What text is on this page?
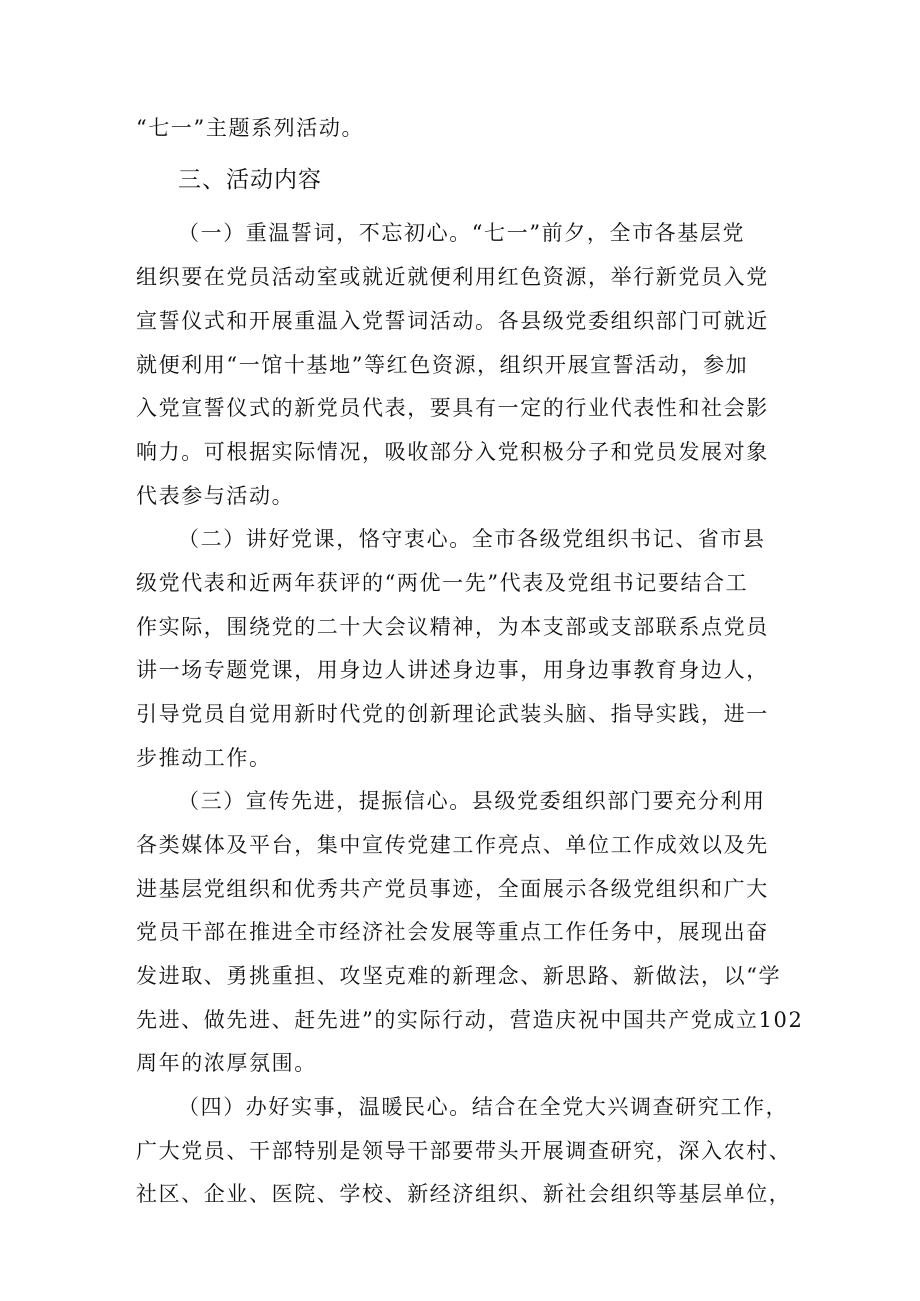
“七一”主题系列活动。
三、活动内容
（一）重温誓词，不忘初心。“七一”前夕，全市各基层党
组织要在党员活动室或就近就便利用红色资源，举行新党员入党
宣誓仪式和开展重温入党誓词活动。各县级党委组织部门可就近
就便利用“一馆十基地”等红色资源，组织开展宣誓活动，参加
入党宣誓仪式的新党员代表，要具有一定的行业代表性和社会影
响力。可根据实际情况，吸收部分入党积极分子和党员发展对象
代表参与活动。
（二）讲好党课，恪守衷心。全市各级党组织书记、省市县
级党代表和近两年获评的“两优一先”代表及党组书记要结合工
作实际，围绕党的二十大会议精神，为本支部或支部联系点党员
讲一场专题党课，用身边人讲述身边事，用身边事教育身边人，
引导党员自觉用新时代党的创新理论武装头脑、指导实践，进一
步推动工作。
（三）宣传先进，提振信心。县级党委组织部门要充分利用
各类媒体及平台，集中宣传党建工作亮点、单位工作成效以及先
进基层党组织和优秀共产党员事迹，全面展示各级党组织和广大
党员干部在推进全市经济社会发展等重点工作任务中，展现出奋
发进取、勇挑重担、攻坚克难的新理念、新思路、新做法，以“学
先进、做先进、赶先进”的实际行动，营造庆祝中国共产党成立102
周年的浓厚氛围。
（四）办好实事，温暖民心。结合在全党大兴调查研究工作，
广大党员、干部特别是领导干部要带头开展调查研究，深入农村、
社区、企业、医院、学校、新经济组织、新社会组织等基层单位，
